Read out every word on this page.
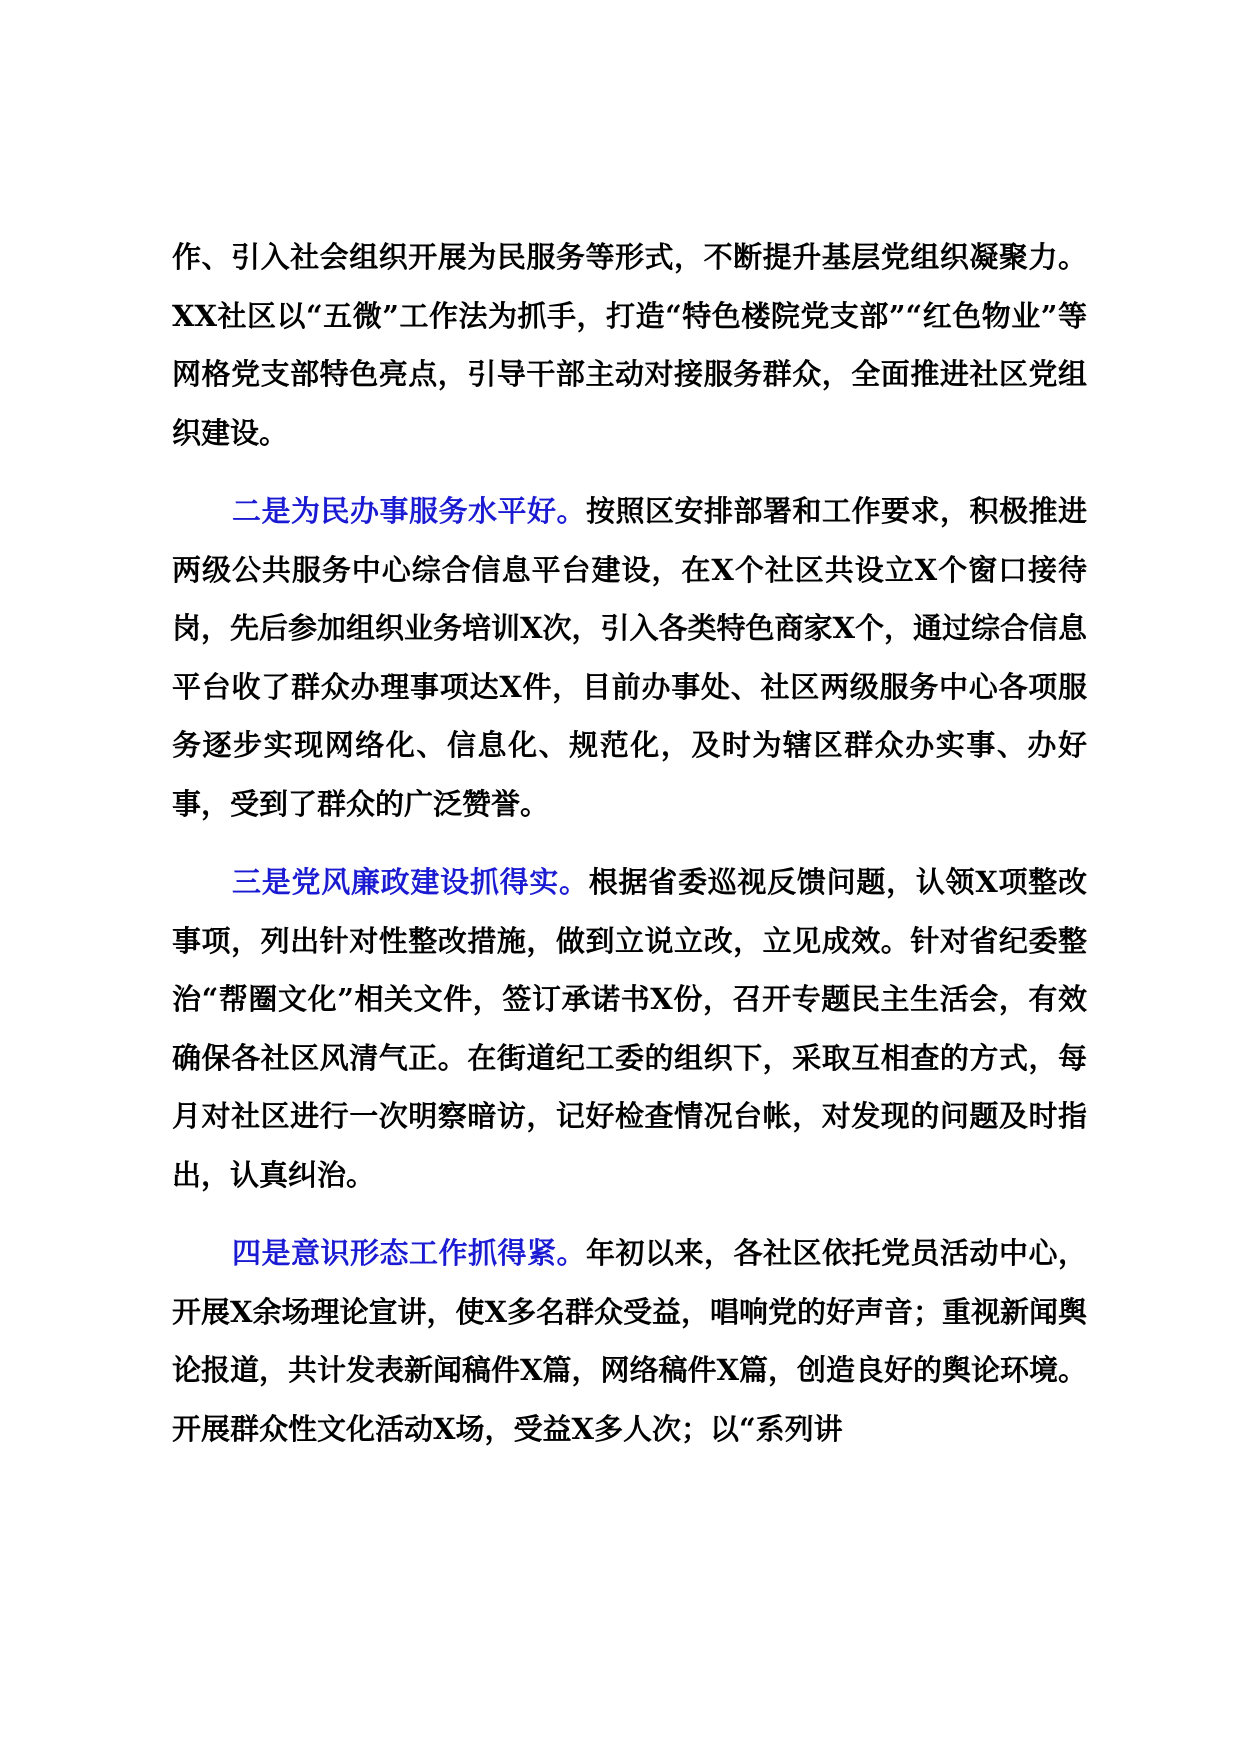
作、引入社会组织开展为民服务等形式，不断提升基层党组织凝聚力。XX社区以“五微”工作法为抓手，打造“特色楼院党支部”“红色物业”等网格党支部特色亮点，引导干部主动对接服务群众，全面推进社区党组织建设。

二是为民办事服务水平好。按照区安排部署和工作要求，积极推进两级公共服务中心综合信息平台建设，在X个社区共设立X个窗口接待岗，先后参加组织业务培训X次，引入各类特色商家X个，通过综合信息平台收了群众办理事项达X件，目前办事处、社区两级服务中心各项服务逐步实现网络化、信息化、规范化，及时为辖区群众办实事、办好事，受到了群众的广泛赞誉。

三是党风廉政建设抓得实。根据省委巡视反馈问题，认领X项整改事项，列出针对性整改措施，做到立说立改，立见成效。针对省纪委整治“帮圈文化”相关文件，签订承诺书X份，召开专题民主生活会，有效确保各社区风清气正。在街道纪工委的组织下，采取互相查的方式，每月对社区进行一次明察暗访，记好检查情况台帐，对发现的问题及时指出，认真纠治。

四是意识形态工作抓得紧。年初以来，各社区依托党员活动中心，开展X余场理论宣讲，使X多名群众受益，唱响党的好声音；重视新闻舆论报道，共计发表新闻稿件X篇，网络稿件X篇，创造良好的舆论环境。开展群众性文化活动X场，受益X多人次；以“系列讲
